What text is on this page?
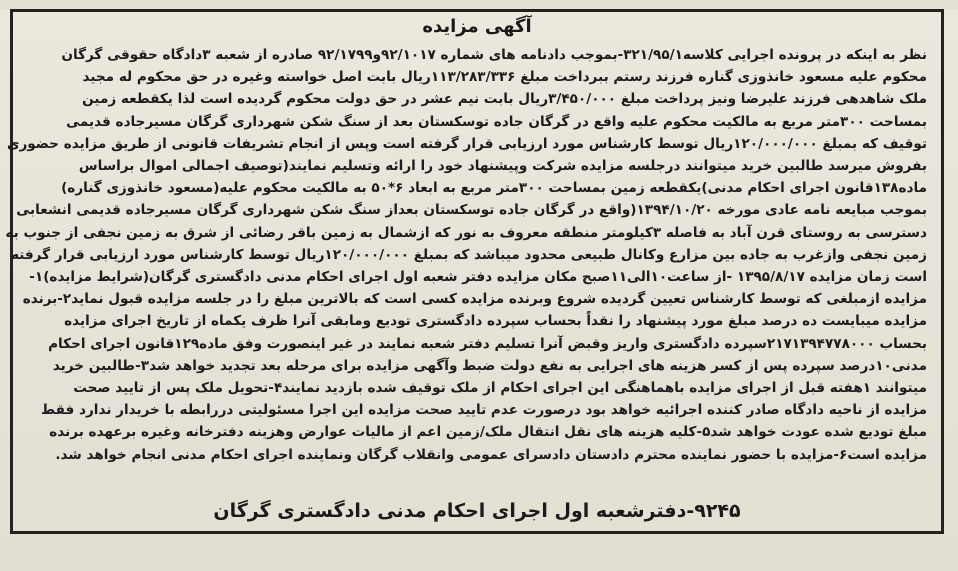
آگهی مزایده
نظر به اینکه در پرونده اجرایی کلاسه۳۲۱/۹۵/۱-بموجب دادنامه های شماره ۹۲/۱۰۱۷و۹۲/۱۷۹۹ صادره از شعبه ۳دادگاه حقوقی گرگان
محکوم علیه مسعود خانذوزی گناره فرزند رستم ببرداخت مبلغ ۱۱۳/۲۸۳/۳۳۶ریال بابت اصل خواسته وغیره در حق محکوم له مجید
ملک شاهدهی فرزند علیرضا ونیز پرداخت مبلغ ۳/۴۵۰/۰۰۰ریال بابت نیم عشر در حق دولت محکوم گردیده است لذا یکقطعه زمین
بمساحت ۳۰۰متر مربع به مالکیت محکوم علیه واقع در گرگان جاده توسکستان بعد از سنگ شکن شهرداری گرگان مسیرجاده قدیمی
توقیف که بمبلغ ۱۲۰/۰۰۰/۰۰۰ریال توسط کارشناس مورد ارزیابی قرار گرفته است وپس از انجام تشریفات قانونی از طریق مزایده حضوری
بفروش میرسد طالبین خرید میتوانند درجلسه مزایده شرکت وپیشنهاد خود را ارائه وتسلیم نمایند(توصیف اجمالی اموال براساس
ماده۱۳۸قانون اجرای احکام مدنی)یکقطعه زمین بمساحت ۳۰۰متر مربع به ابعاد ۶*۵۰ به مالکیت محکوم علیه(مسعود خانذوزی گناره)
بموجب مبایعه نامه عادی مورخه ۱۳۹۴/۱۰/۲۰(واقع در گرگان جاده توسکستان بعداز سنگ شکن شهرداری گرگان مسیرجاده قدیمی انشعابی
دسترسی به روستای قرن آباد به فاصله ۳کیلومتر منطقه معروف به نور که ازشمال به زمین باقر رضائی از شرق به زمین نجفی از جنوب به
زمین نجفی وازغرب به جاده بین مزارع وکانال طبیعی محدود میباشد که بمبلغ ۱۲۰/۰۰۰/۰۰۰ریال توسط کارشناس مورد ارزیابی قرار گرفته
است زمان مزایده ۱۳۹۵/۸/۱۷ -از ساعت۱۰الی۱۱صبح مکان مزایده دفتر شعبه اول اجرای احکام مدنی دادگستری گرگان(شرایط مزایده)۱-
مزایده ازمبلغی که توسط کارشناس تعیین گردیده شروع وبرنده مزایده کسی است که بالاترین مبلغ را در جلسه مزایده قبول نماید۲-برنده
مزایده میبایست ده درصد مبلغ مورد پیشنهاد را نقداً بحساب سپرده دادگستری تودیع ومابقی آنرا ظرف یکماه از تاریخ اجرای مزایده
بحساب ۲۱۷۱۳۹۴۷۷۸۰۰۰سپرده دادگستری واریز وقبض آنرا تسلیم دفتر شعبه نمایند در غیر اینصورت وفق ماده۱۲۹قانون اجرای احکام
مدنی۱۰درصد سپرده پس از کسر هزینه های اجرایی به نفع دولت ضبط وآگهی مزایده برای مرحله بعد تجدید خواهد شد۳-طالبین خرید
میتوانند ۱هفته قبل از اجرای مزایده باهماهنگی این اجرای احکام از ملک توقیف شده بازدید نمایند۴-تحویل ملک پس از تایید صحت
مزایده از ناحیه دادگاه صادر کننده اجرائیه خواهد بود درصورت عدم تایید صحت مزایده این اجرا مسئولیتی دررابطه با خریدار ندارد فقط
مبلغ تودیع شده عودت خواهد شد۵-کلیه هزینه های نقل انتقال ملک/زمین اعم از مالیات عوارض وهزینه دفترخانه وغیره برعهده برنده
مزایده است۶-مزایده با حضور نماینده محترم دادستان دادسرای عمومی وانقلاب گرگان ونماینده اجرای احکام مدنی انجام خواهد شد.
۹۲۴۵-دفترشعبه اول اجرای احکام مدنی دادگستری گرگان
